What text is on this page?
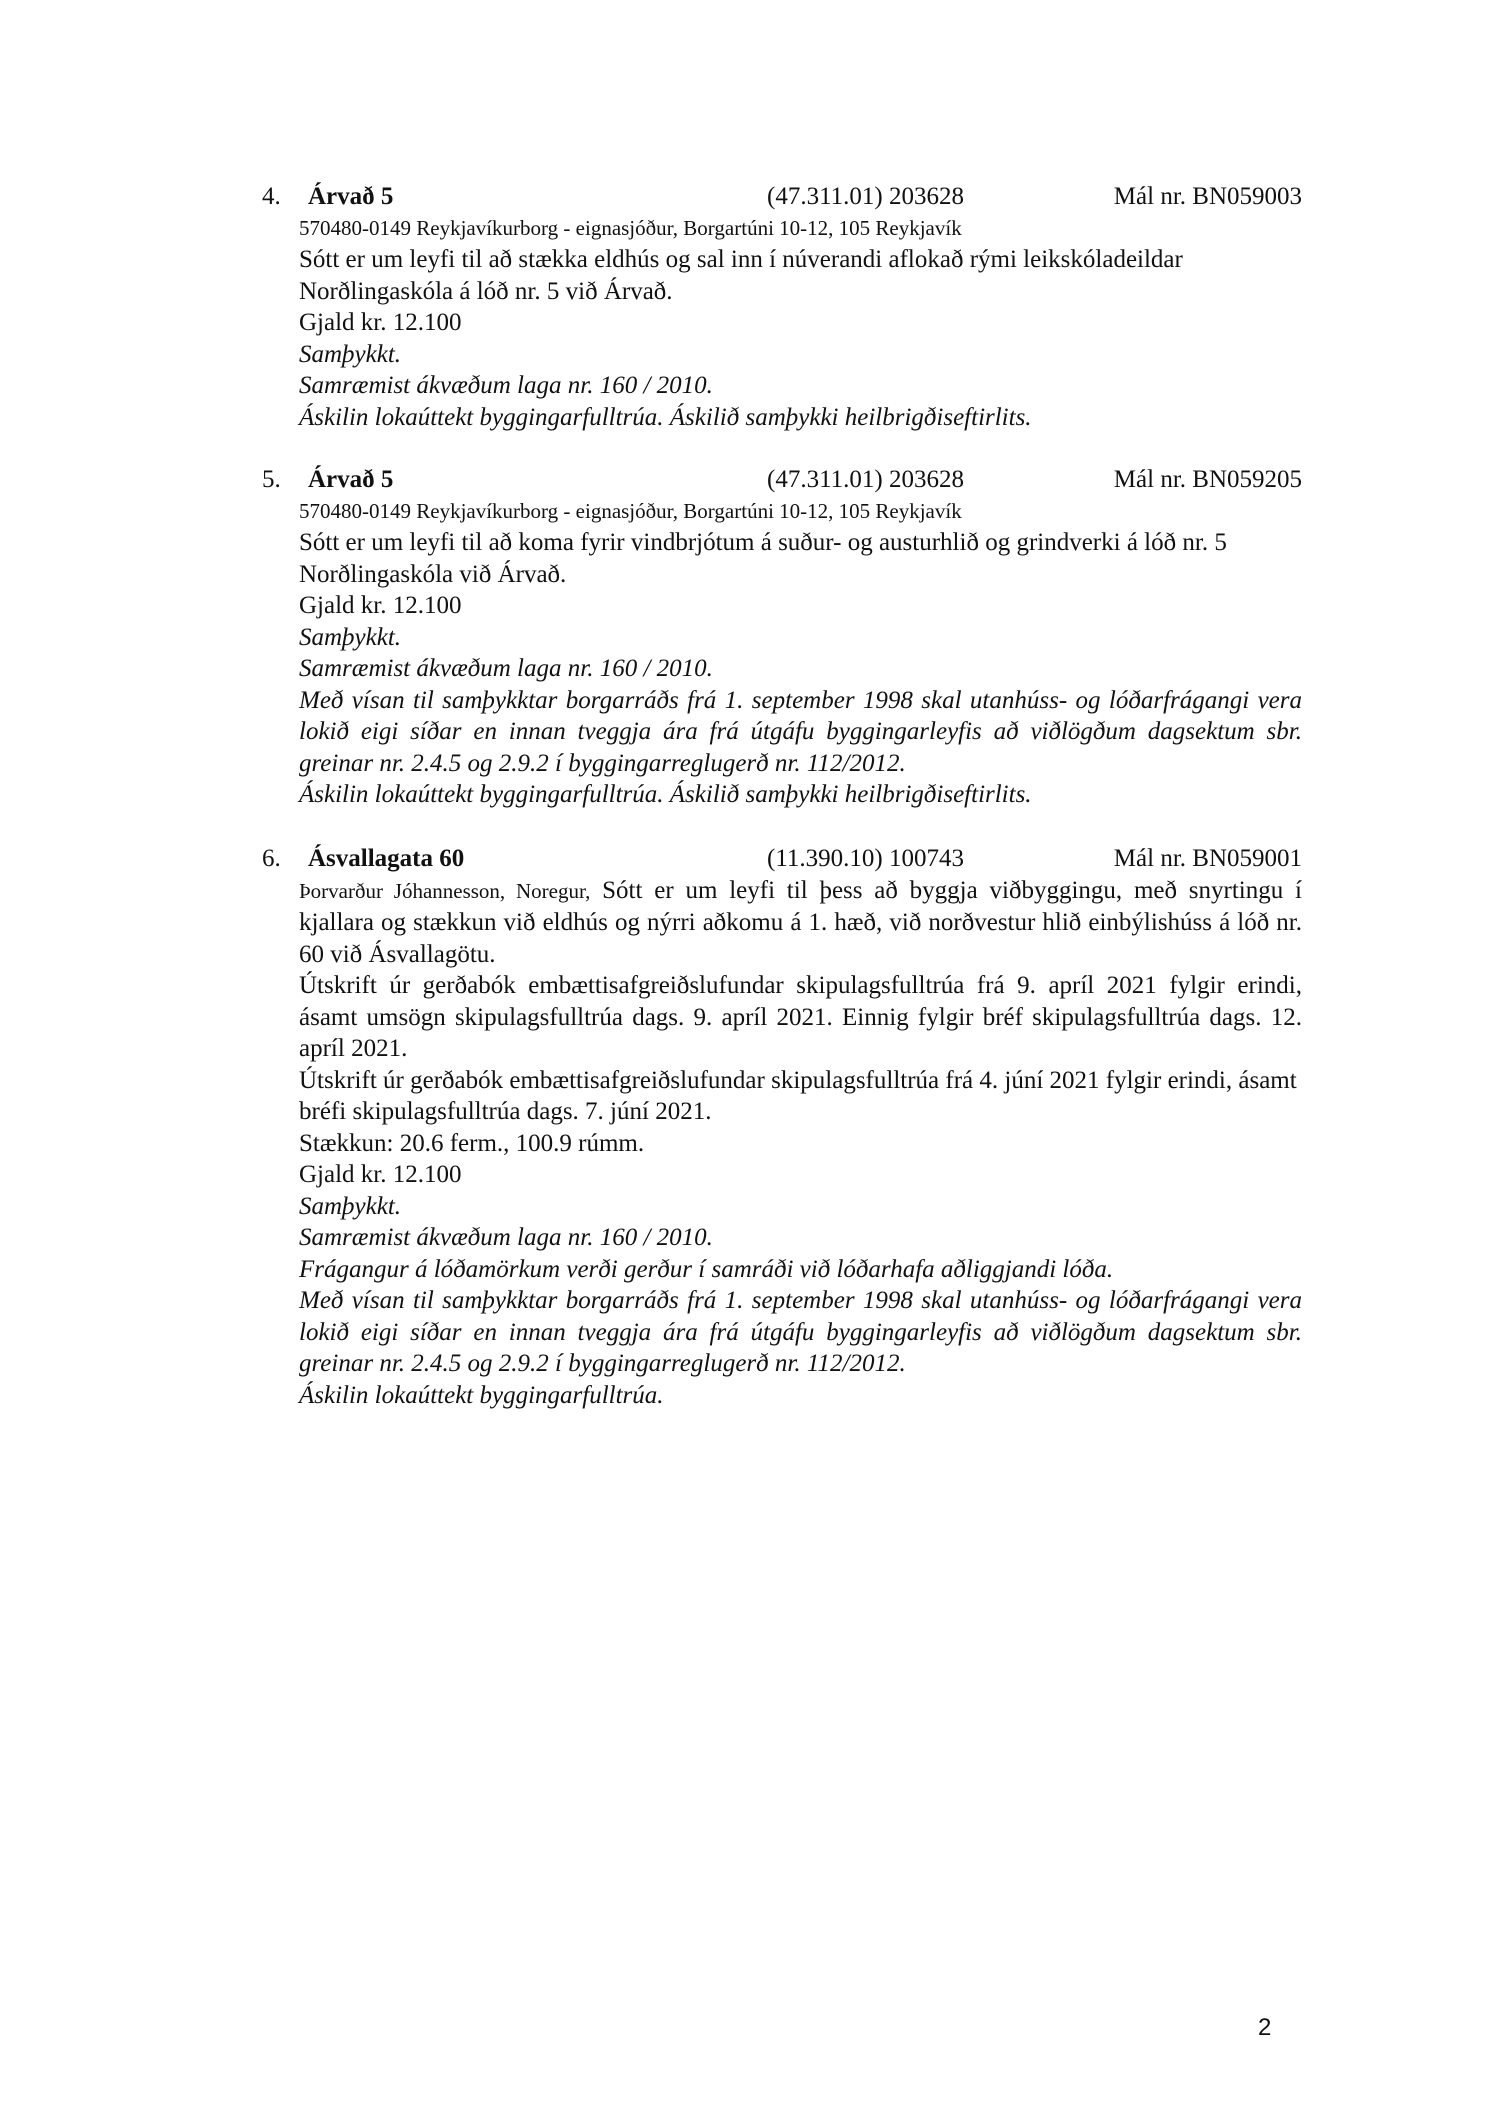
4. Árvað 5	(47.311.01) 203628	Mál nr. BN059003
570480-0149 Reykjavíkurborg - eignasjóður, Borgartúni 10-12, 105 Reykjavík
Sótt er um leyfi til að stækka eldhús og sal inn í núverandi aflokað rými leikskóladeildar Norðlingaskóla á lóð nr. 5 við Árvað.
Gjald kr. 12.100
Samþykkt.
Samræmist ákvæðum laga nr. 160 / 2010.
Áskilin lokaúttekt byggingarfulltrúa. Áskilið samþykki heilbrigðiseftirlits.
5. Árvað 5	(47.311.01) 203628	Mál nr. BN059205
570480-0149 Reykjavíkurborg - eignasjóður, Borgartúni 10-12, 105 Reykjavík
Sótt er um leyfi til að koma fyrir vindbrjótum á suður- og austurhlið og grindverki á lóð nr. 5 Norðlingaskóla við Árvað.
Gjald kr. 12.100
Samþykkt.
Samræmist ákvæðum laga nr. 160 / 2010.
Með vísan til samþykktar borgarráðs frá 1. september 1998 skal utanhúss- og lóðarfrágangi vera lokið eigi síðar en innan tveggja ára frá útgáfu byggingarleyfis að viðlögðum dagsektum sbr. greinar nr. 2.4.5 og 2.9.2 í byggingarreglugerð nr. 112/2012.
Áskilin lokaúttekt byggingarfulltrúa. Áskilið samþykki heilbrigðiseftirlits.
6. Ásvallagata 60	(11.390.10) 100743	Mál nr. BN059001
Þorvarður Jóhannesson, Noregur, Sótt er um leyfi til þess að byggja viðbyggingu, með snyrtingu í kjallara og stækkun við eldhús og nýrri aðkomu á 1. hæð, við norðvestur hlið einbýlishúss á lóð nr. 60 við Ásvallagötu.
Útskrift úr gerðabók embættisafgreiðslufundar skipulagsfulltrúa frá 9. apríl 2021 fylgir erindi, ásamt umsögn skipulagsfulltrúa dags. 9. apríl 2021. Einnig fylgir bréf skipulagsfulltrúa dags. 12. apríl 2021.
Útskrift úr gerðabók embættisafgreiðslufundar skipulagsfulltrúa frá 4. júní 2021 fylgir erindi, ásamt bréfi skipulagsfulltrúa dags. 7. júní 2021.
Stækkun: 20.6 ferm., 100.9 rúmm.
Gjald kr. 12.100
Samþykkt.
Samræmist ákvæðum laga nr. 160 / 2010.
Frágangur á lóðamörkum verði gerður í samráði við lóðarhafa aðliggjandi lóða.
Með vísan til samþykktar borgarráðs frá 1. september 1998 skal utanhúss- og lóðarfrágangi vera lokið eigi síðar en innan tveggja ára frá útgáfu byggingarleyfis að viðlögðum dagsektum sbr. greinar nr. 2.4.5 og 2.9.2 í byggingarreglugerð nr. 112/2012.
Áskilin lokaúttekt byggingarfulltrúa.
2
